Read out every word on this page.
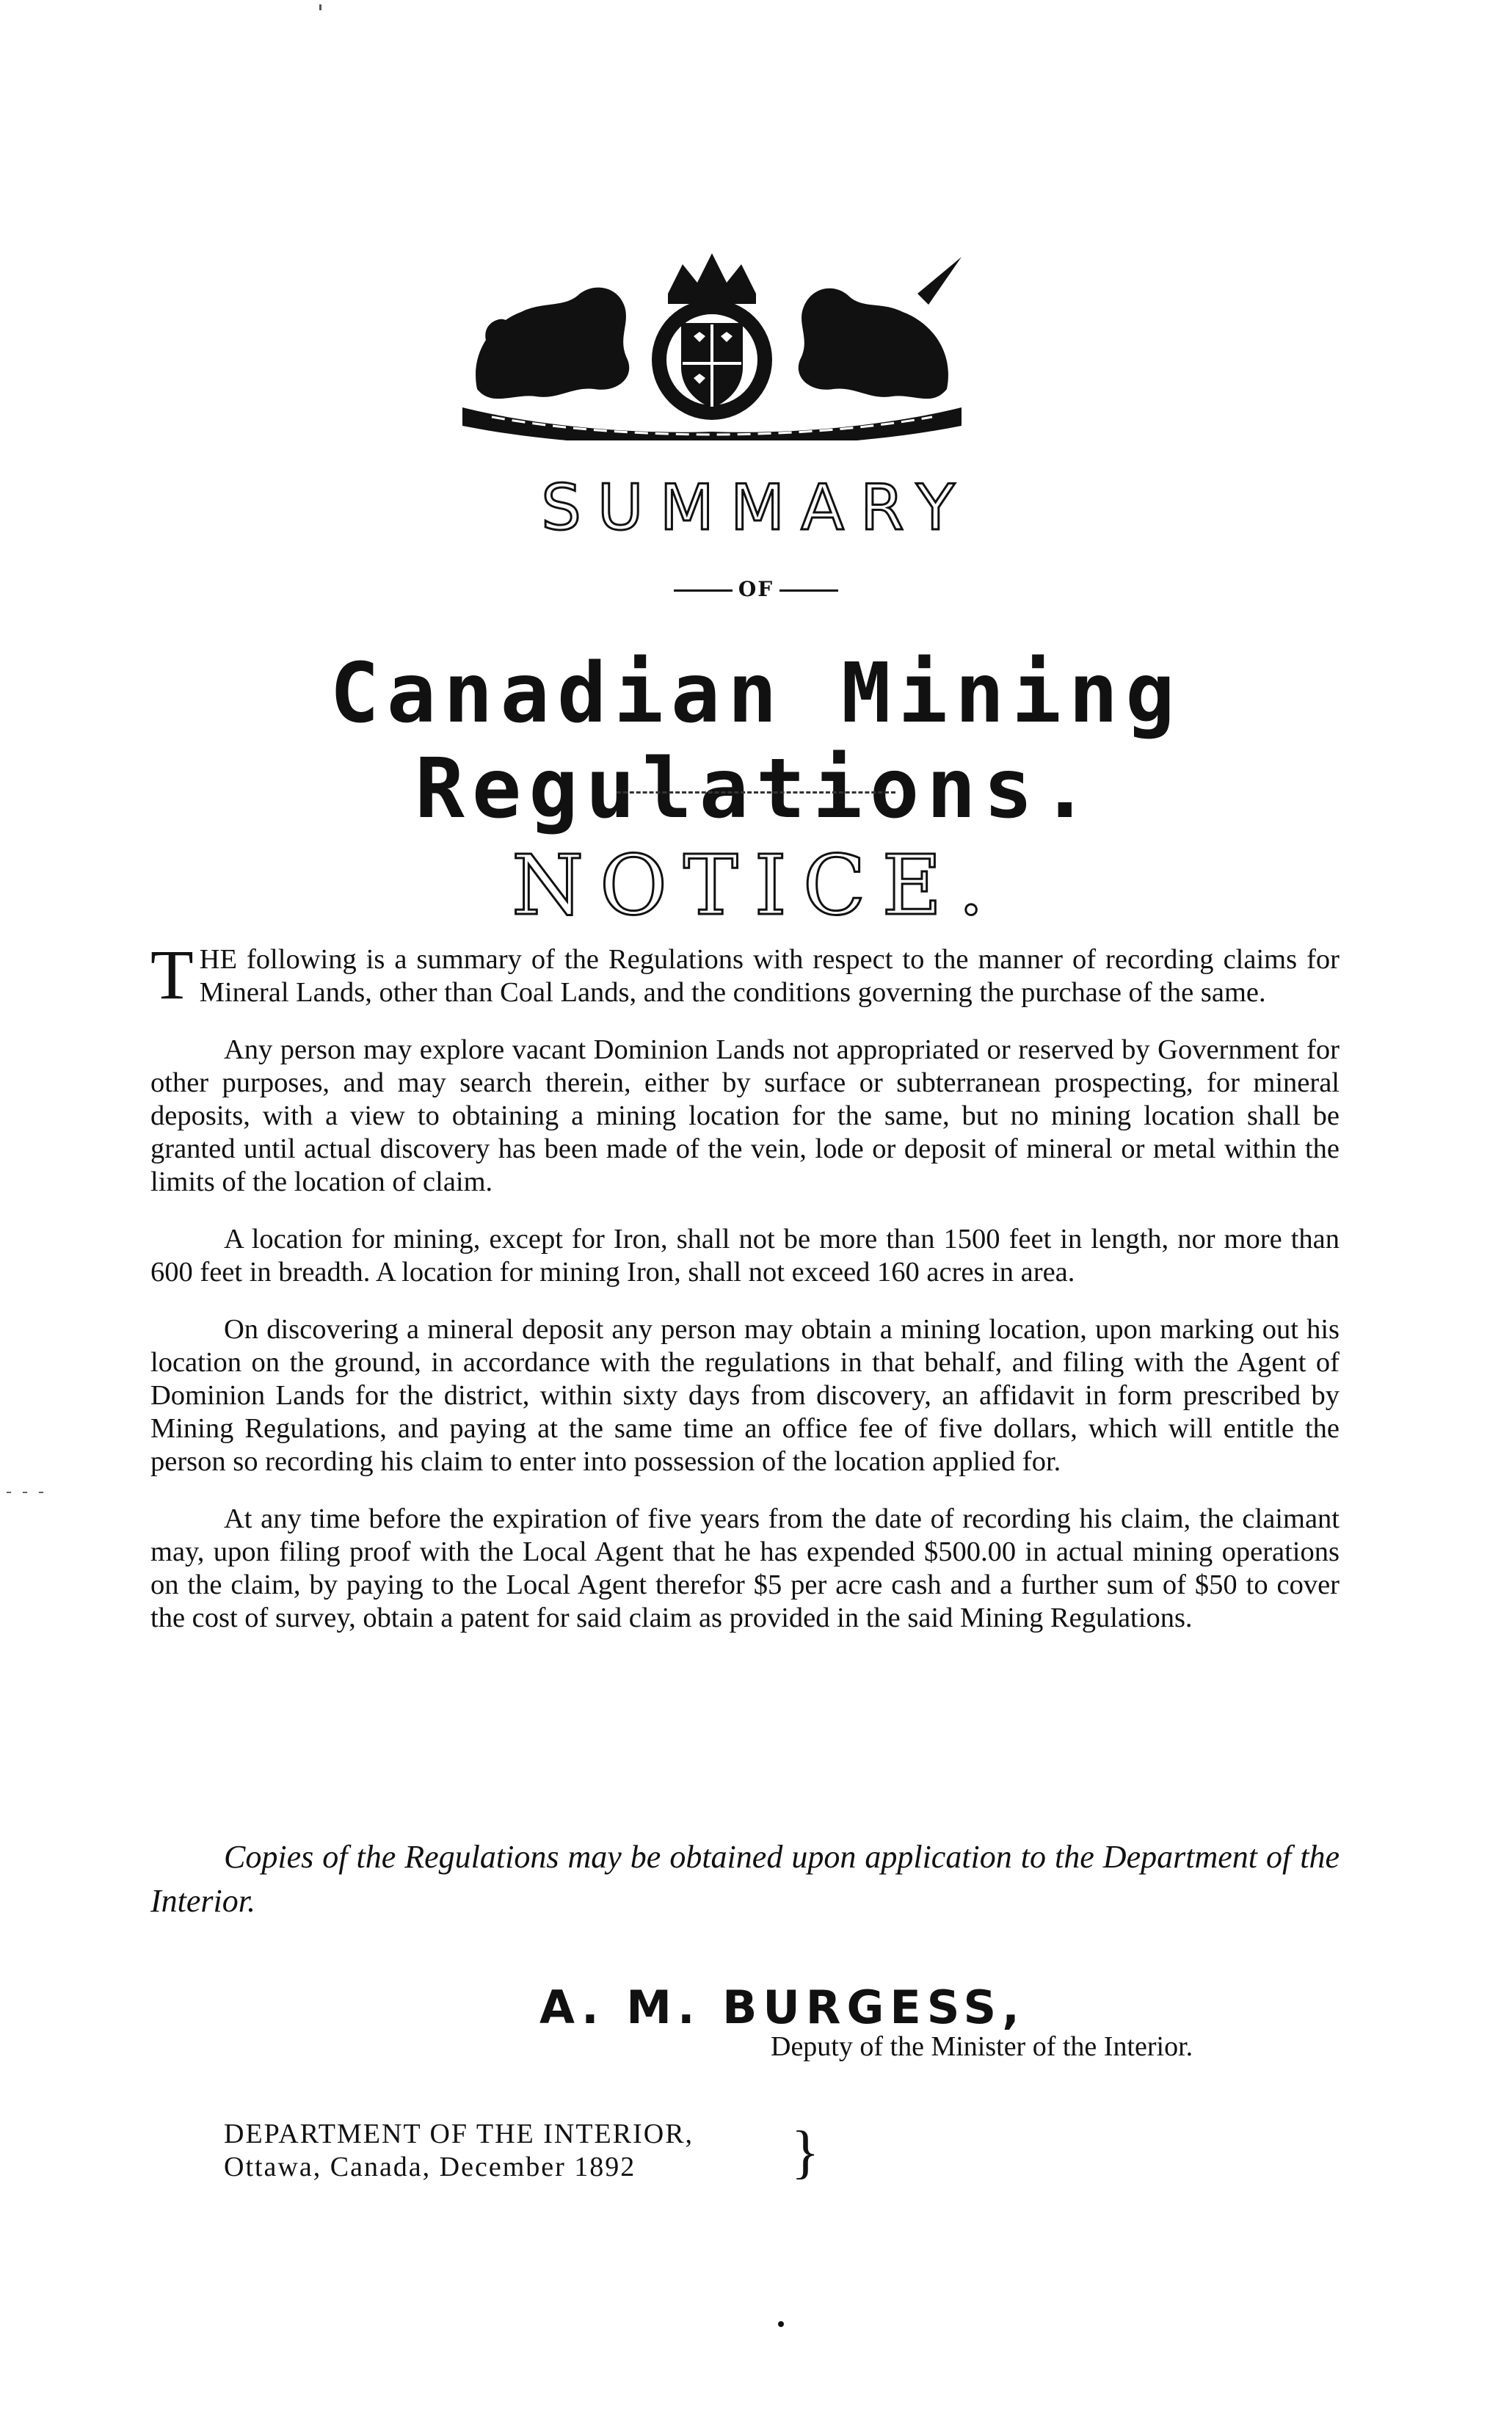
SUMMARY
OF
Canadian Mining Regulations.
NOTICE.

THE following is a summary of the Regulations with respect to the manner of recording claims for Mineral Lands, other than Coal Lands, and the conditions governing the purchase of the same.

Any person may explore vacant Dominion Lands not appropriated or reserved by Government for other purposes, and may search therein, either by surface or subterranean prospecting, for mineral deposits, with a view to obtaining a mining location for the same, but no mining location shall be granted until actual discovery has been made of the vein, lode or deposit of mineral or metal within the limits of the location of claim.

A location for mining, except for Iron, shall not be more than 1500 feet in length, nor more than 600 feet in breadth. A location for mining Iron, shall not exceed 160 acres in area.

On discovering a mineral deposit any person may obtain a mining location, upon marking out his location on the ground, in accordance with the regulations in that behalf, and filing with the Agent of Dominion Lands for the district, within sixty days from discovery, an affidavit in form prescribed by Mining Regulations, and paying at the same time an office fee of five dollars, which will entitle the person so recording his claim to enter into possession of the location applied for.

At any time before the expiration of five years from the date of recording his claim, the claimant may, upon filing proof with the Local Agent that he has expended $500.00 in actual mining operations on the claim, by paying to the Local Agent therefor $5 per acre cash and a further sum of $50 to cover the cost of survey, obtain a patent for said claim as provided in the said Mining Regulations.

Copies of the Regulations may be obtained upon application to the Department of the Interior.

A. M. BURGESS,
Deputy of the Minister of the Interior.
DEPARTMENT OF THE INTERIOR,
Ottawa, Canada, December 1892	}
- - -
